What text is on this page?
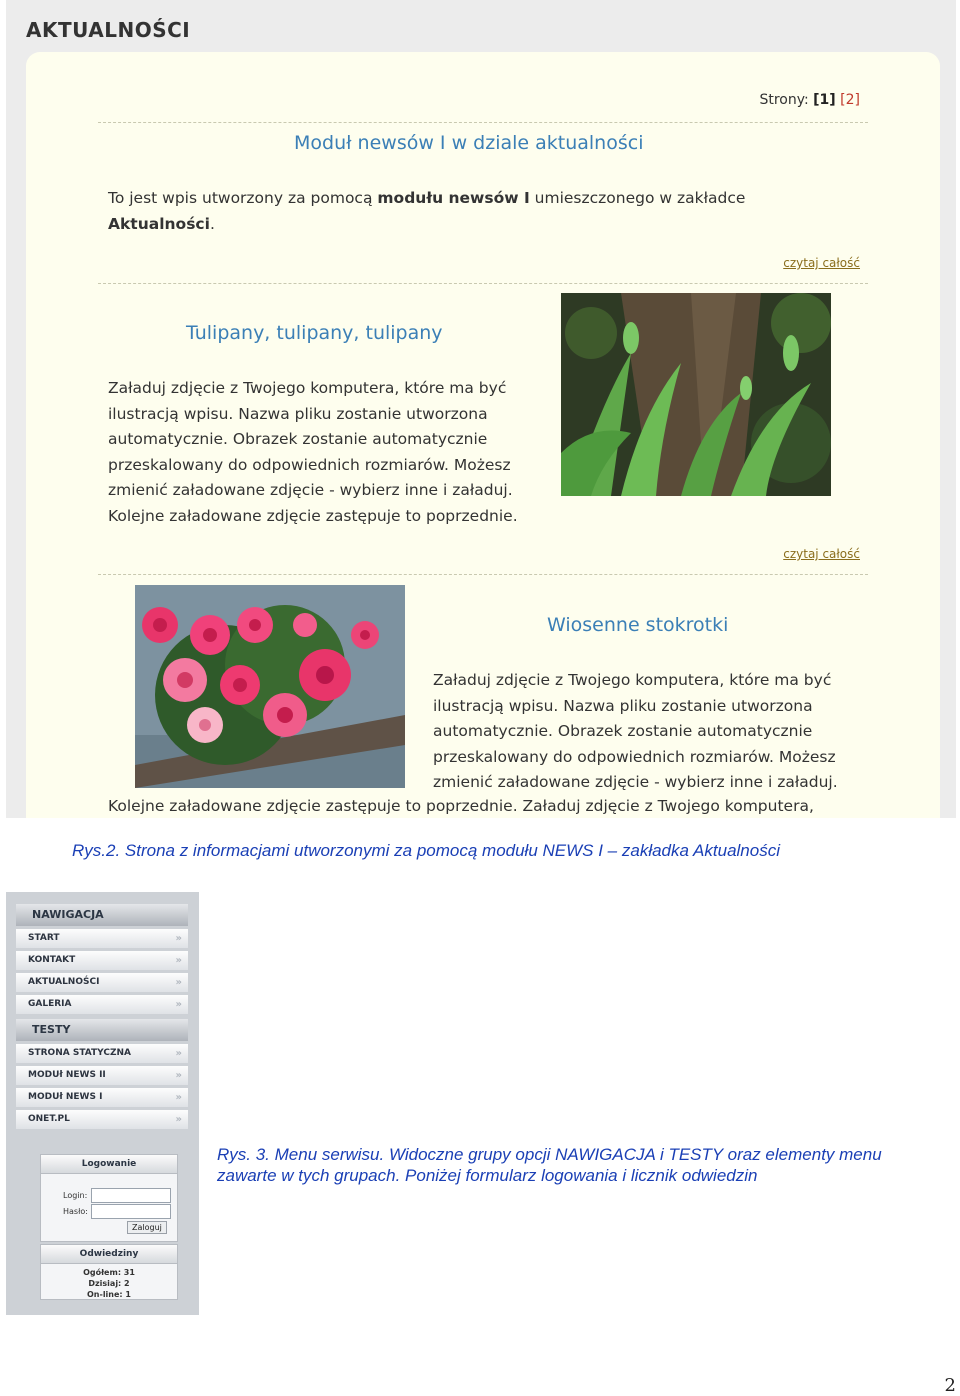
AKTUALNOŚCI
Strony: [1] [2]
Moduł newsów I w dziale aktualności
To jest wpis utworzony za pomocą modułu newsów I umieszczonego w zakładce
Aktualności.
czytaj całość
Tulipany, tulipany, tulipany
Załaduj zdjęcie z Twojego komputera, które ma być
ilustracją wpisu. Nazwa pliku zostanie utworzona
automatycznie. Obrazek zostanie automatycznie
przeskalowany do odpowiednich rozmiarów. Możesz
zmienić załadowane zdjęcie - wybierz inne i załaduj.
Kolejne załadowane zdjęcie zastępuje to poprzednie.
czytaj całość
Wiosenne stokrotki
Załaduj zdjęcie z Twojego komputera, które ma być
ilustracją wpisu. Nazwa pliku zostanie utworzona
automatycznie. Obrazek zostanie automatycznie
przeskalowany do odpowiednich rozmiarów. Możesz
zmienić załadowane zdjęcie - wybierz inne i załaduj.
Kolejne załadowane zdjęcie zastępuje to poprzednie. Załaduj zdjęcie z Twojego komputera,
Rys.2. Strona z informacjami utworzonymi za pomocą modułu NEWS I – zakładka Aktualności
NAWIGACJA
START	»
KONTAKT	»
AKTUALNOŚCI	»
GALERIA	»
TESTY
STRONA STATYCZNA	»
MODUł NEWS II	»
MODUł NEWS I	»
ONET.PL	»
Logowanie
Login:
Hasło:
Zaloguj
Odwiedziny
Ogółem: 31
Dzisiaj: 2
On-line: 1
Rys. 3. Menu serwisu. Widoczne grupy opcji NAWIGACJA i TESTY oraz elementy menu
zawarte w tych grupach. Poniżej formularz logowania i licznik odwiedzin
2
